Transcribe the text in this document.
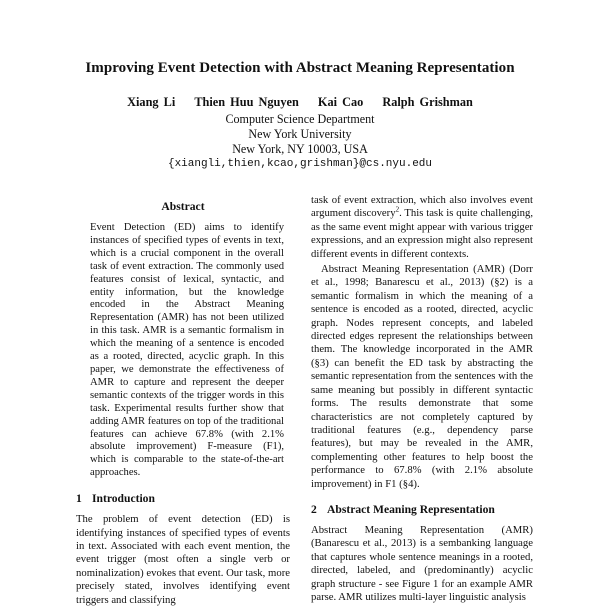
Improving Event Detection with Abstract Meaning Representation
Xiang Li Thien Huu Nguyen Kai Cao Ralph Grishman
Computer Science Department
New York University
New York, NY 10003, USA
{xiangli,thien,kcao,grishman}@cs.nyu.edu
Abstract

Event Detection (ED) aims to identify instances of specified types of events in text, which is a crucial component in the overall task of event extraction. The commonly used features consist of lexical, syntactic, and entity information, but the knowledge encoded in the Abstract Meaning Representation (AMR) has not been utilized in this task. AMR is a semantic formalism in which the meaning of a sentence is encoded as a rooted, directed, acyclic graph. In this paper, we demonstrate the effectiveness of AMR to capture and represent the deeper semantic contexts of the trigger words in this task. Experimental results further show that adding AMR features on top of the traditional features can achieve 67.8% (with 2.1% absolute improvement) F-measure (F1), which is comparable to the state-of-the-art approaches.

1 Introduction

The problem of event detection (ED) is identifying instances of specified types of events in text. Associated with each event mention, the event trigger (most often a single verb or nominalization) evokes that event. Our task, more precisely stated, involves identifying event triggers and classifying

task of event extraction, which also involves event argument discovery$^2$. This task is quite challenging, as the same event might appear with various trigger expressions, and an expression might also represent different events in different contexts.

Abstract Meaning Representation (AMR) (Dorr et al., 1998; Banarescu et al., 2013) (§2) is a semantic formalism in which the meaning of a sentence is encoded as a rooted, directed, acyclic graph. Nodes represent concepts, and labeled directed edges represent the relationships between them. The knowledge incorporated in the AMR (§3) can benefit the ED task by abstracting the semantic representation from the sentences with the same meaning but possibly in different syntactic forms. The results demonstrate that some characteristics are not completely captured by traditional features (e.g., dependency parse features), but may be revealed in the AMR, complementing other features to help boost the performance to 67.8% (with 2.1% absolute improvement) in F1 (§4).

2 Abstract Meaning Representation

Abstract Meaning Representation (AMR) (Banarescu et al., 2013) is a sembanking language that captures whole sentence meanings in a rooted, directed, labeled, and (predominantly) acyclic graph structure - see Figure 1 for an example AMR parse. AMR utilizes multi-layer linguistic analysis
